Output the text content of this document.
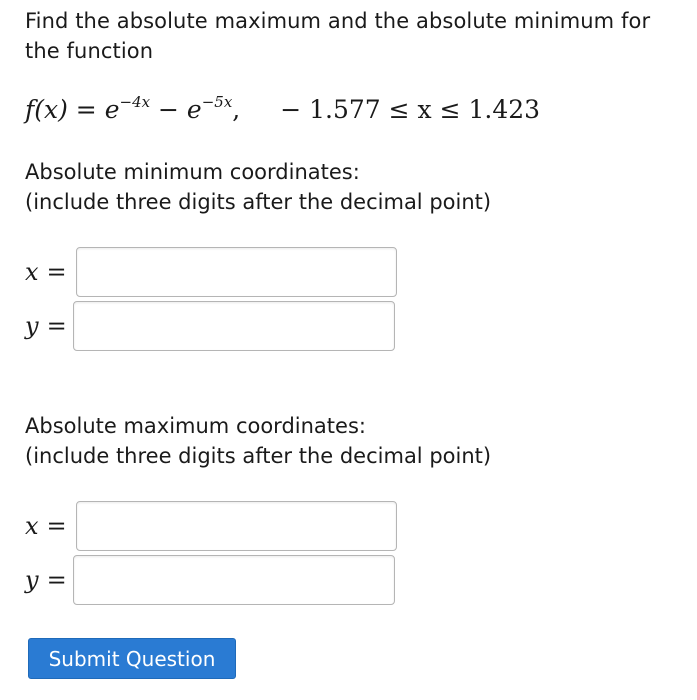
Find the absolute maximum and the absolute minimum for the function
$f(x) = e^{-4x} - e^{-5x}$, − 1.577 ≤ x ≤ 1.423
Absolute minimum coordinates:
(include three digits after the decimal point)
x =
y =
Absolute maximum coordinates:
(include three digits after the decimal point)
x =
y =
Submit Question
